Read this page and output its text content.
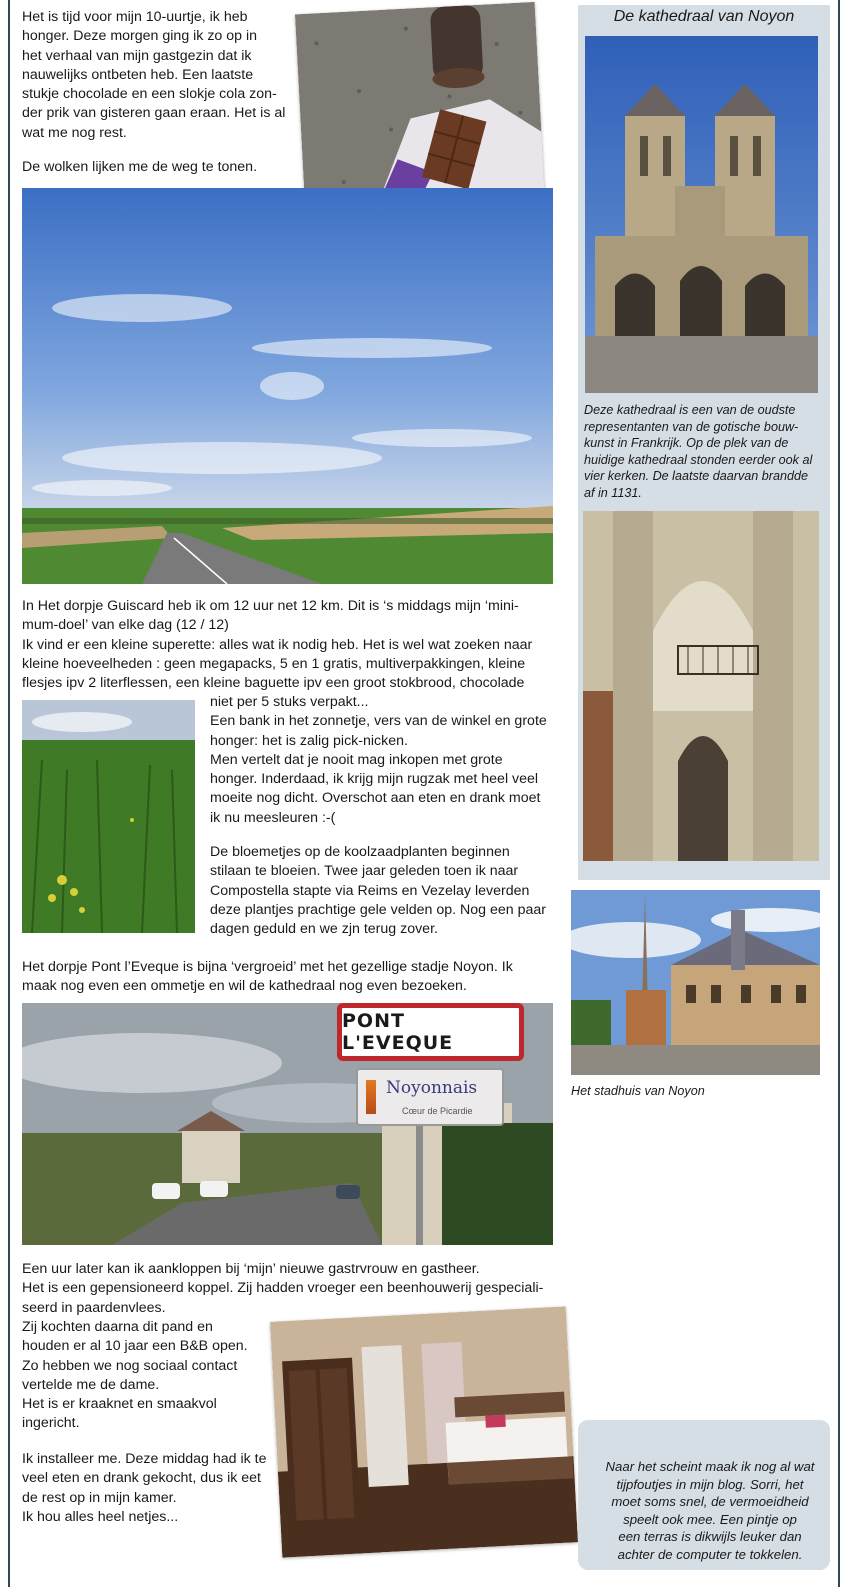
Het is tijd voor mijn 10-uurtje, ik heb
honger. Deze morgen ging ik zo op in
het verhaal van mijn gastgezin dat ik
nauwelijks ontbeten heb. Een laatste
stukje chocolade en een slokje cola zon-
der prik van gisteren gaan eraan. Het is al
wat me nog rest.

De wolken lijken me de weg te tonen.

In Het dorpje Guiscard heb ik om 12 uur net 12 km. Dit is ‘s middags mijn ‘mini-
mum-doel’ van elke dag (12 / 12)
Ik vind er een kleine superette: alles wat ik nodig heb. Het is wel wat zoeken naar
kleine hoeveelheden : geen megapacks, 5 en 1 gratis, multiverpakkingen, kleine
flesjes ipv 2 literflessen, een kleine baguette ipv een groot stokbrood, chocolade

niet per 5 stuks verpakt...
Een bank in het zonnetje, vers van de winkel en grote
honger: het is zalig pick-nicken.
Men vertelt dat je nooit mag inkopen met grote
honger. Inderdaad, ik krijg mijn rugzak met heel veel
moeite nog dicht. Overschot aan eten en drank moet
ik nu meesleuren :-(

De bloemetjes op de koolzaadplanten beginnen
stilaan te bloeien. Twee jaar geleden toen ik naar
Compostella stapte via Reims en Vezelay leverden
deze plantjes prachtige gele velden op. Nog een paar
dagen geduld en we zjn terug zover.

Het dorpje Pont l’Eveque is bijna ‘vergroeid’ met het gezellige stadje Noyon. Ik
maak nog even een ommetje en wil de kathedraal nog even bezoeken.

PONT L'EVEQUE
Noyonnais
Cœur de Picardie

Een uur later kan ik aankloppen bij ‘mijn’ nieuwe gastrvrouw en gastheer.
Het is een gepensioneerd koppel. Zij hadden vroeger een beenhouwerij gespeciali-
seerd in paardenvlees.

Zij kochten daarna dit pand en
houden er al 10 jaar een B&B open.
Zo hebben we nog sociaal contact
vertelde me de dame.
Het is er kraaknet en smaakvol
ingericht.

Ik installeer me. Deze middag had ik te
veel eten en drank gekocht, dus ik eet
de rest op in mijn kamer.
Ik hou alles heel netjes...

De kathedraal van Noyon

Deze kathedraal is een van de oudste
representanten van de gotische bouw-
kunst in Frankrijk. Op de plek van de
huidige kathedraal stonden eerder ook al
vier kerken. De laatste daarvan brandde
af in 1131.

Het stadhuis van Noyon

Naar het scheint maak ik nog al wat
tijpfoutjes in mijn blog. Sorri, het
moet soms snel, de vermoeidheid
speelt ook mee. Een pintje op
een terras is dikwijls leuker dan
achter de computer te tokkelen.
